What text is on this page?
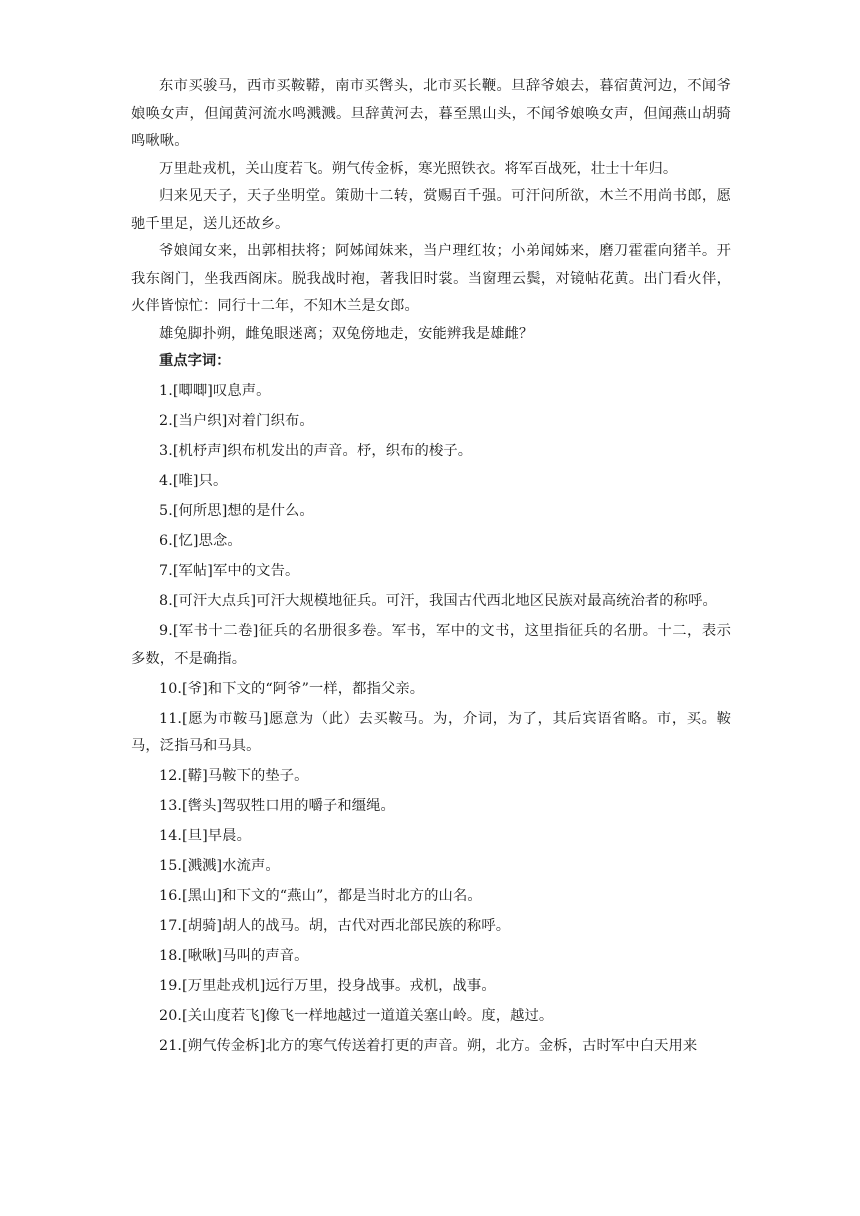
东市买骏马，西市买鞍鞯，南市买辔头，北市买长鞭。旦辞爷娘去，暮宿黄河边，不闻爷娘唤女声，但闻黄河流水鸣溅溅。旦辞黄河去，暮至黑山头，不闻爷娘唤女声，但闻燕山胡骑鸣啾啾。

万里赴戎机，关山度若飞。朔气传金柝，寒光照铁衣。将军百战死，壮士十年归。

归来见天子，天子坐明堂。策勋十二转，赏赐百千强。可汗问所欲，木兰不用尚书郎，愿驰千里足，送儿还故乡。

爷娘闻女来，出郭相扶将；阿姊闻妹来，当户理红妆；小弟闻姊来，磨刀霍霍向猪羊。开我东阁门，坐我西阁床。脱我战时袍，著我旧时裳。当窗理云鬓，对镜帖花黄。出门看火伴，火伴皆惊忙：同行十二年，不知木兰是女郎。

雄兔脚扑朔，雌兔眼迷离；双兔傍地走，安能辨我是雄雌？

重点字词：

1.[唧唧]叹息声。

2.[当户织]对着门织布。

3.[机杼声]织布机发出的声音。杼，织布的梭子。

4.[唯]只。

5.[何所思]想的是什么。

6.[忆]思念。

7.[军帖]军中的文告。

8.[可汗大点兵]可汗大规模地征兵。可汗，我国古代西北地区民族对最高统治者的称呼。

9.[军书十二卷]征兵的名册很多卷。军书，军中的文书，这里指征兵的名册。十二，表示多数，不是确指。

10.[爷]和下文的“阿爷”一样，都指父亲。

11.[愿为市鞍马]愿意为（此）去买鞍马。为，介词，为了，其后宾语省略。市，买。鞍马，泛指马和马具。

12.[鞯]马鞍下的垫子。

13.[辔头]驾驭牲口用的嚼子和缰绳。

14.[旦]早晨。

15.[溅溅]水流声。

16.[黑山]和下文的“燕山”，都是当时北方的山名。

17.[胡骑]胡人的战马。胡，古代对西北部民族的称呼。

18.[啾啾]马叫的声音。

19.[万里赴戎机]远行万里，投身战事。戎机，战事。

20.[关山度若飞]像飞一样地越过一道道关塞山岭。度，越过。

21.[朔气传金柝]北方的寒气传送着打更的声音。朔，北方。金柝，古时军中白天用来
